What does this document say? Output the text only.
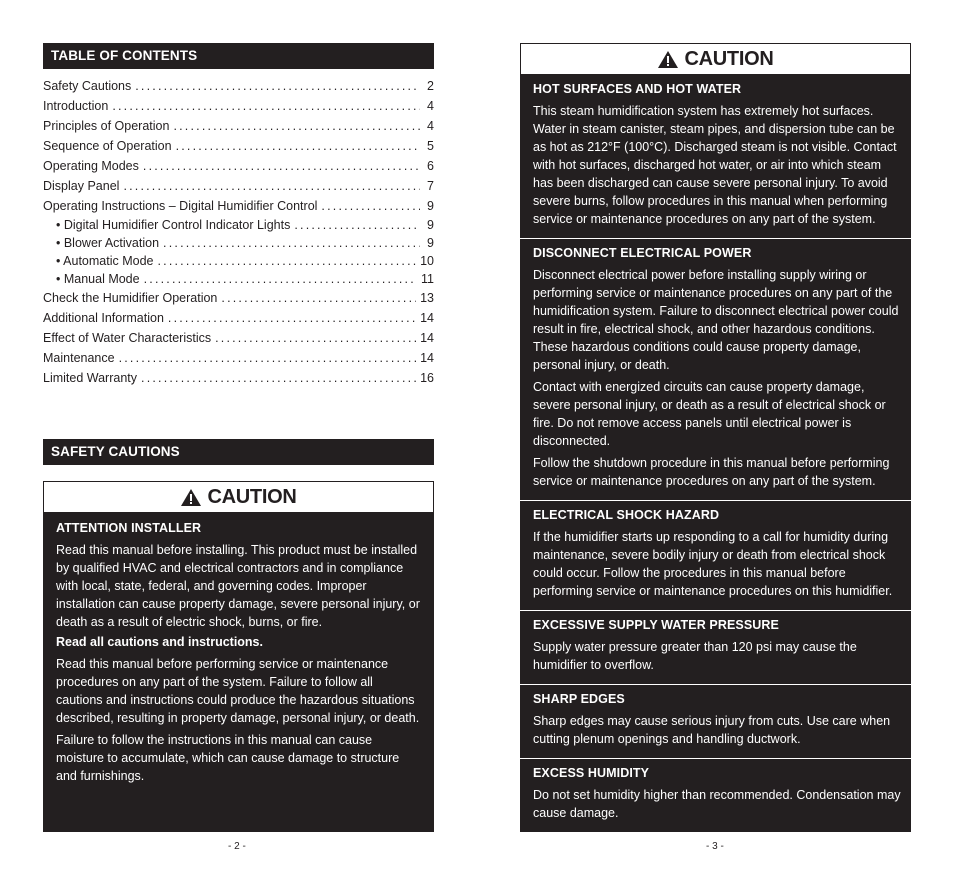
TABLE OF CONTENTS
Safety Cautions .....	2
Introduction .....	4
Principles of Operation .....	4
Sequence of Operation .....	5
Operating Modes .....	6
Display Panel .....	7
Operating Instructions – Digital Humidifier Control .....	9
• Digital Humidifier Control Indicator Lights .....	9
• Blower Activation .....	9
• Automatic Mode .....	10
• Manual Mode .....	11
Check the Humidifier Operation .....	13
Additional Information .....	14
Effect of Water Characteristics .....	14
Maintenance .....	14
Limited Warranty .....	16
SAFETY CAUTIONS
CAUTION
ATTENTION INSTALLER
Read this manual before installing. This product must be installed by qualified HVAC and electrical contractors and in compliance with local, state, federal, and governing codes. Improper installation can cause property damage, severe personal injury, or death as a result of electric shock, burns, or fire.
Read all cautions and instructions.
Read this manual before performing service or maintenance procedures on any part of the system. Failure to follow all cautions and instructions could produce the hazardous situations described, resulting in property damage, personal injury, or death.
Failure to follow the instructions in this manual can cause moisture to accumulate, which can cause damage to structure and furnishings.
- 2 -
CAUTION
HOT SURFACES AND HOT WATER
This steam humidification system has extremely hot surfaces. Water in steam canister, steam pipes, and dispersion tube can be as hot as 212°F (100°C). Discharged steam is not visible. Contact with hot surfaces, discharged hot water, or air into which steam has been discharged can cause severe personal injury. To avoid severe burns, follow procedures in this manual when performing service or maintenance procedures on any part of the system.
DISCONNECT ELECTRICAL POWER
Disconnect electrical power before installing supply wiring or performing service or maintenance procedures on any part of the humidification system. Failure to disconnect electrical power could result in fire, electrical shock, and other hazardous conditions. These hazardous conditions could cause property damage, personal injury, or death.
Contact with energized circuits can cause property damage, severe personal injury, or death as a result of electrical shock or fire. Do not remove access panels until electrical power is disconnected.
Follow the shutdown procedure in this manual before performing service or maintenance procedures on any part of the system.
ELECTRICAL SHOCK HAZARD
If the humidifier starts up responding to a call for humidity during maintenance, severe bodily injury or death from electrical shock could occur. Follow the procedures in this manual before performing service or maintenance procedures on this humidifier.
EXCESSIVE SUPPLY WATER PRESSURE
Supply water pressure greater than 120 psi may cause the humidifier to overflow.
SHARP EDGES
Sharp edges may cause serious injury from cuts. Use care when cutting plenum openings and handling ductwork.
EXCESS HUMIDITY
Do not set humidity higher than recommended. Condensation may cause damage.
- 3 -
